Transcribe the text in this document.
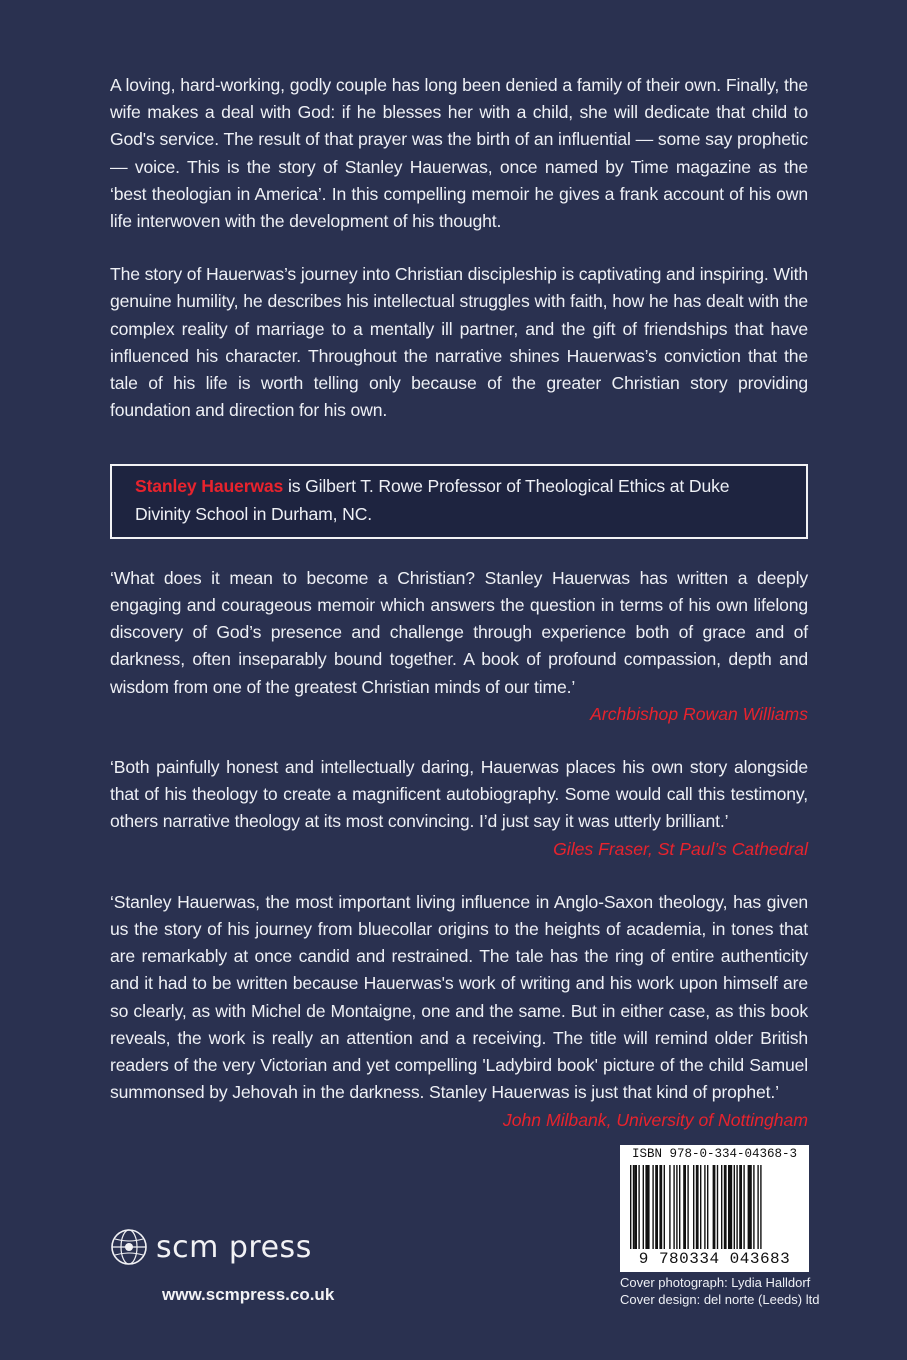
A loving, hard-working, godly couple has long been denied a family of their own. Finally, the wife makes a deal with God: if he blesses her with a child, she will dedicate that child to God's service. The result of that prayer was the birth of an influential — some say prophetic — voice. This is the story of Stanley Hauerwas, once named by Time magazine as the ‘best theologian in America’. In this compelling memoir he gives a frank account of his own life interwoven with the development of his thought.

The story of Hauerwas’s journey into Christian discipleship is captivating and inspiring. With genuine humility, he describes his intellectual struggles with faith, how he has dealt with the complex reality of marriage to a mentally ill partner, and the gift of friendships that have influenced his character. Throughout the narrative shines Hauerwas’s conviction that the tale of his life is worth telling only because of the greater Christian story providing foundation and direction for his own.

Stanley Hauerwas is Gilbert T. Rowe Professor of Theological Ethics at Duke Divinity School in Durham, NC.

‘What does it mean to become a Christian? Stanley Hauerwas has written a deeply engaging and courageous memoir which answers the question in terms of his own lifelong discovery of God’s presence and challenge through experience both of grace and of darkness, often inseparably bound together. A book of profound compassion, depth and wisdom from one of the greatest Christian minds of our time.’

Archbishop Rowan Williams

‘Both painfully honest and intellectually daring, Hauerwas places his own story alongside that of his theology to create a magnificent autobiography. Some would call this testimony, others narrative theology at its most convincing. I’d just say it was utterly brilliant.’

Giles Fraser, St Paul’s Cathedral

‘Stanley Hauerwas, the most important living influence in Anglo-Saxon theology, has given us the story of his journey from bluecollar origins to the heights of academia, in tones that are remarkably at once candid and restrained. The tale has the ring of entire authenticity and it had to be written because Hauerwas's work of writing and his work upon himself are so clearly, as with Michel de Montaigne, one and the same. But in either case, as this book reveals, the work is really an attention and a receiving. The title will remind older British readers of the very Victorian and yet compelling 'Ladybird book' picture of the child Samuel summonsed by Jehovah in the darkness. Stanley Hauerwas is just that kind of prophet.’

John Milbank, University of Nottingham
scm press
www.scmpress.co.uk
ISBN 978-0-334-04368-3
9 780334 043683
Cover photograph: Lydia Halldorf
Cover design: del norte (Leeds) ltd
